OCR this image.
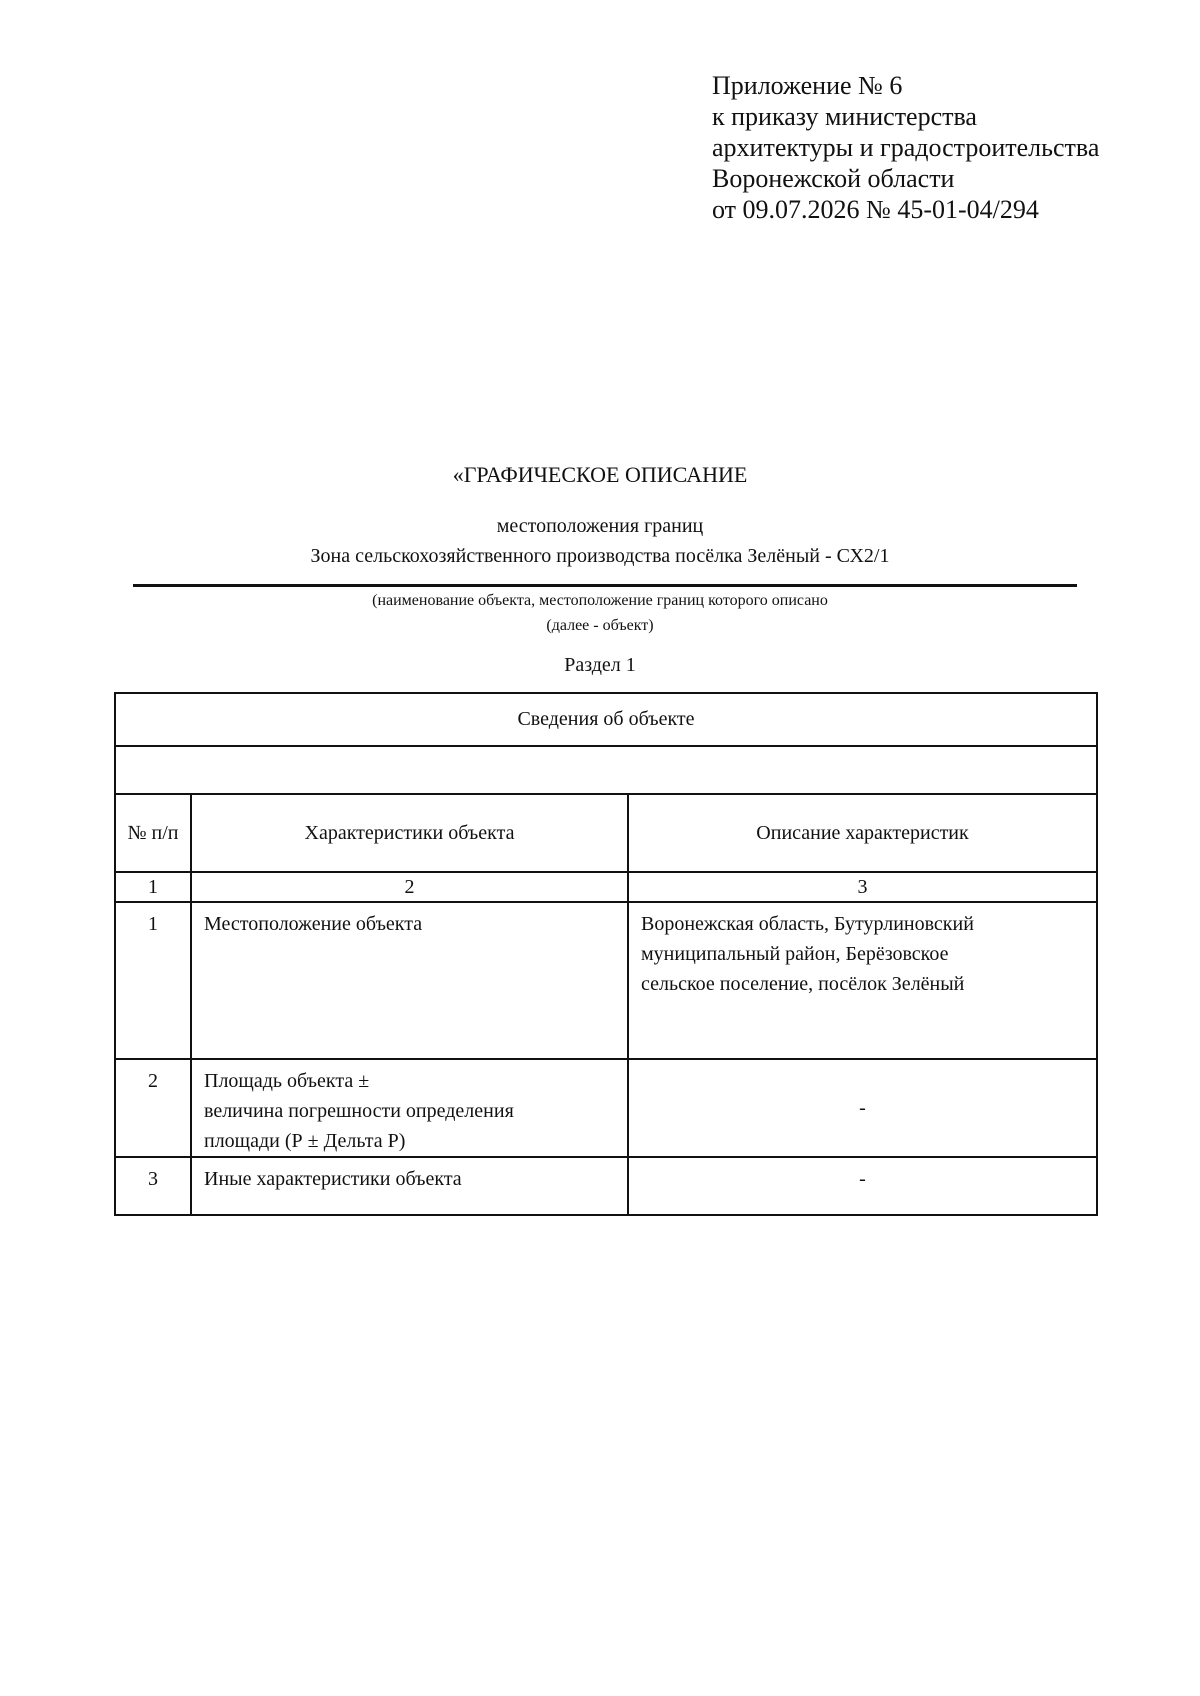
Приложение № 6
к приказу министерства
архитектуры и градостроительства
Воронежской области
от 09.07.2026 № 45-01-04/294
«ГРАФИЧЕСКОЕ ОПИСАНИЕ
местоположения границ
Зона сельскохозяйственного производства посёлка Зелёный - СХ2/1
(наименование объекта, местоположение границ которого описано
(далее - объект)
Раздел 1
Сведения об объекте		

№ п/п	Характеристики объекта	Описание характеристик
1	2	3
1	Местоположение объекта	Воронежская область, Бутурлиновский
муниципальный район, Берёзовское
сельское поселение, посёлок Зелёный

2	Площадь объекта ±
величина погрешности определения
площади (Р ± Дельта Р)	-
3	Иные характеристики объекта	-
